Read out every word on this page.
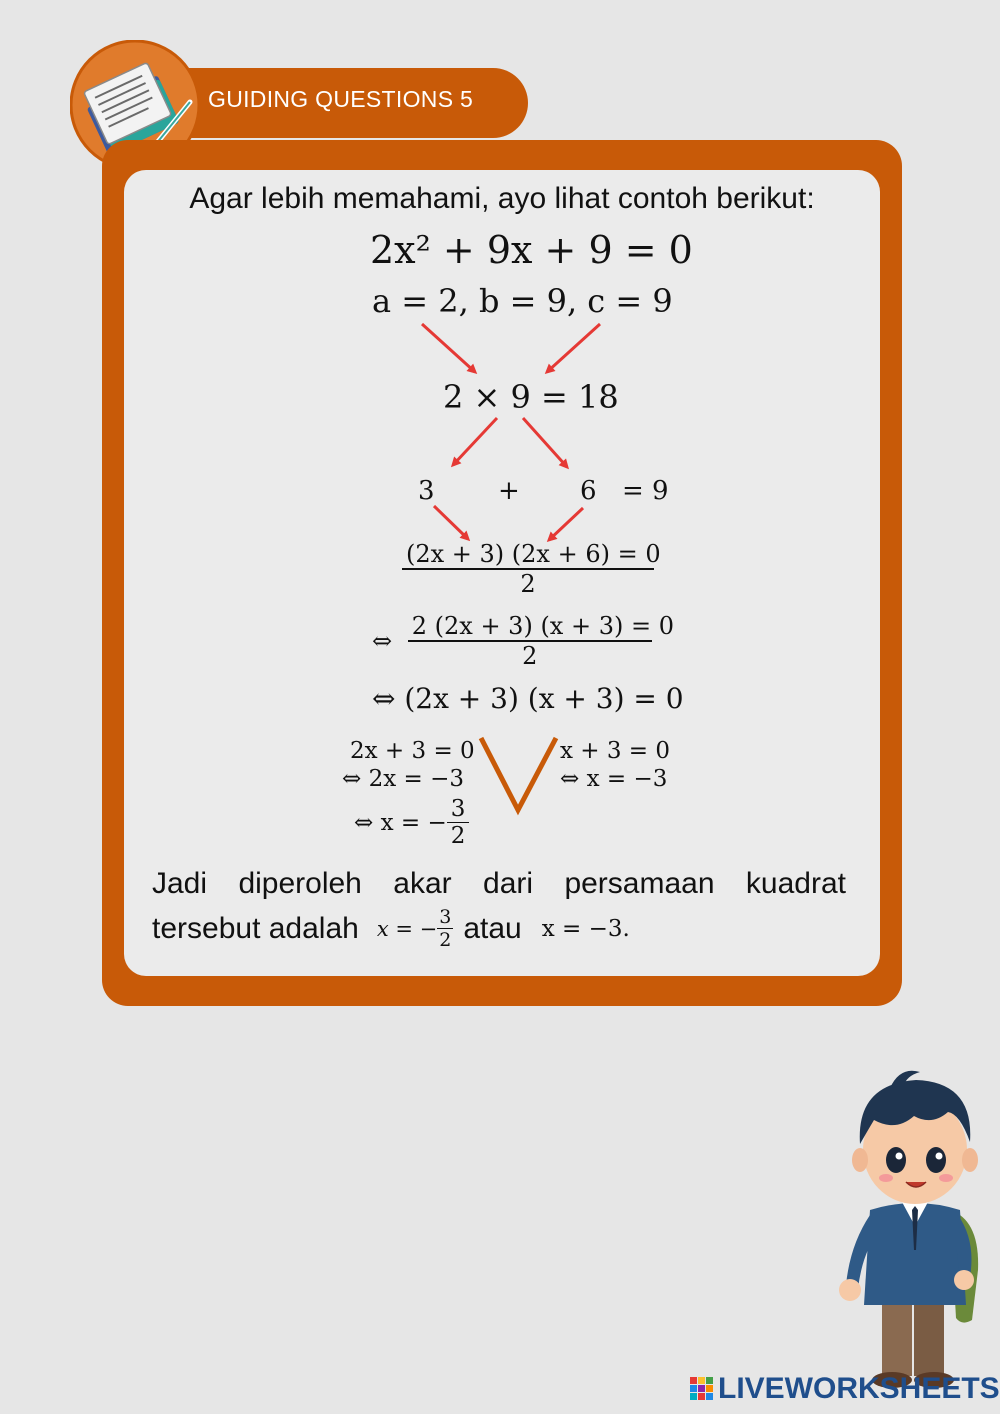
GUIDING QUESTIONS 5
Agar lebih memahami, ayo lihat contoh berikut:
2x² + 9x + 9 = 0
a = 2, b = 9, c = 9
2 × 9 = 18
3 + 6 = 9
$\frac{(2x + 3) (2x + 6) = 0}{2}$
⇔ $\frac{2 (2x + 3) (x + 3) = 0}{2}$
⇔ (2x + 3) (x + 3) = 0
2x + 3 = 0
⇔ 2x = −3
⇔ x = − $\frac{3}{2}$
x + 3 = 0
⇔ x = −3
Jadi diperoleh akar dari persamaan kuadrat
tersebut adalah x = − $\frac{3}{2}$ atau x = −3.
LIVEWORKSHEETS
